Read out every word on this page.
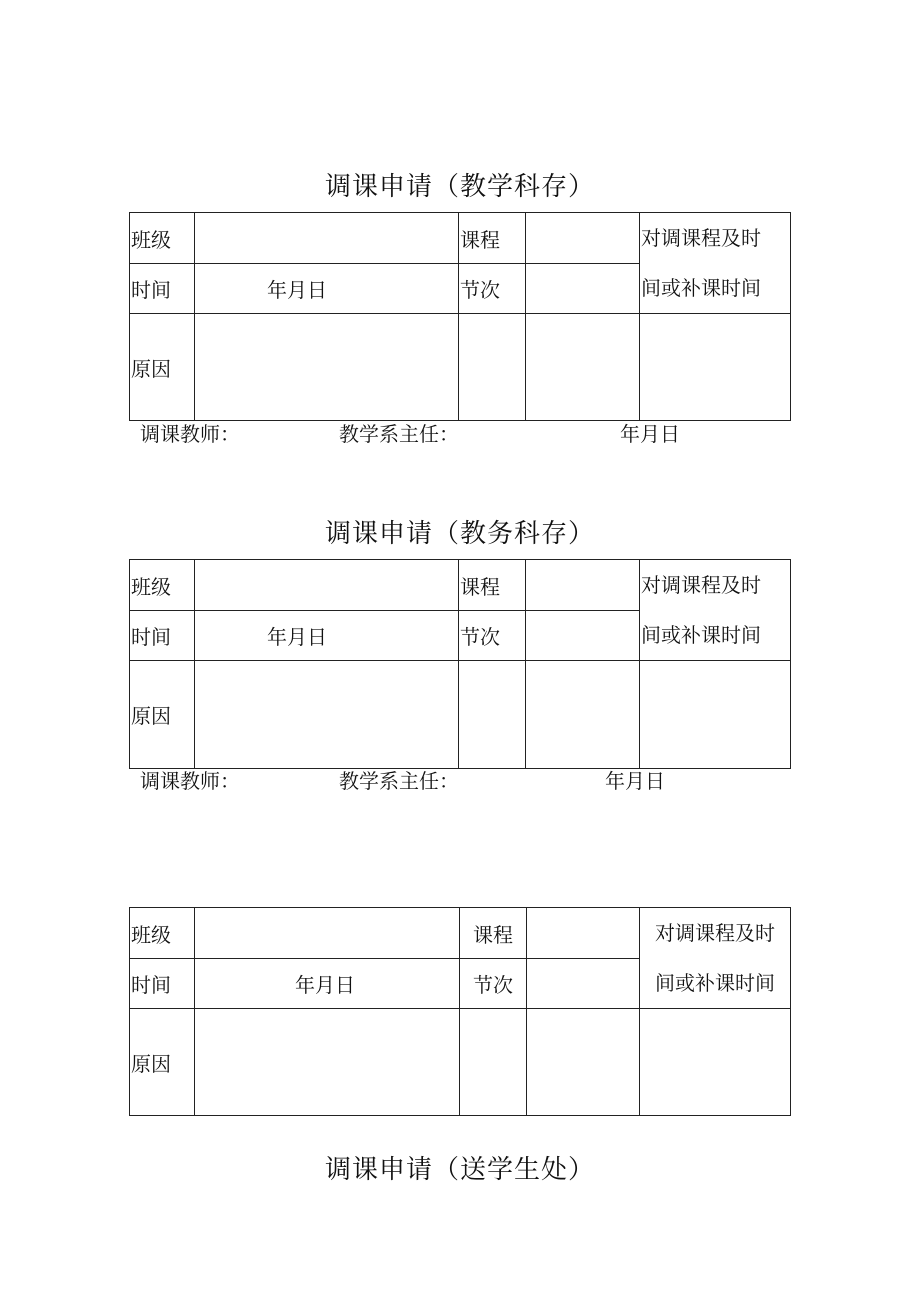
调课申请（教学科存）
班级		课程		对调课程及时
间或补课时间

时间	年月日	节次		
原因				
调课教师：	教学系主任：	年月日
调课申请（教务科存）
班级		课程		对调课程及时
间或补课时间

时间	年月日	节次		
原因				
调课教师：	教学系主任：	年月日
班级		课程		对调课程及时
间或补课时间

时间	年月日	节次		
原因				
调课申请（送学生处）
